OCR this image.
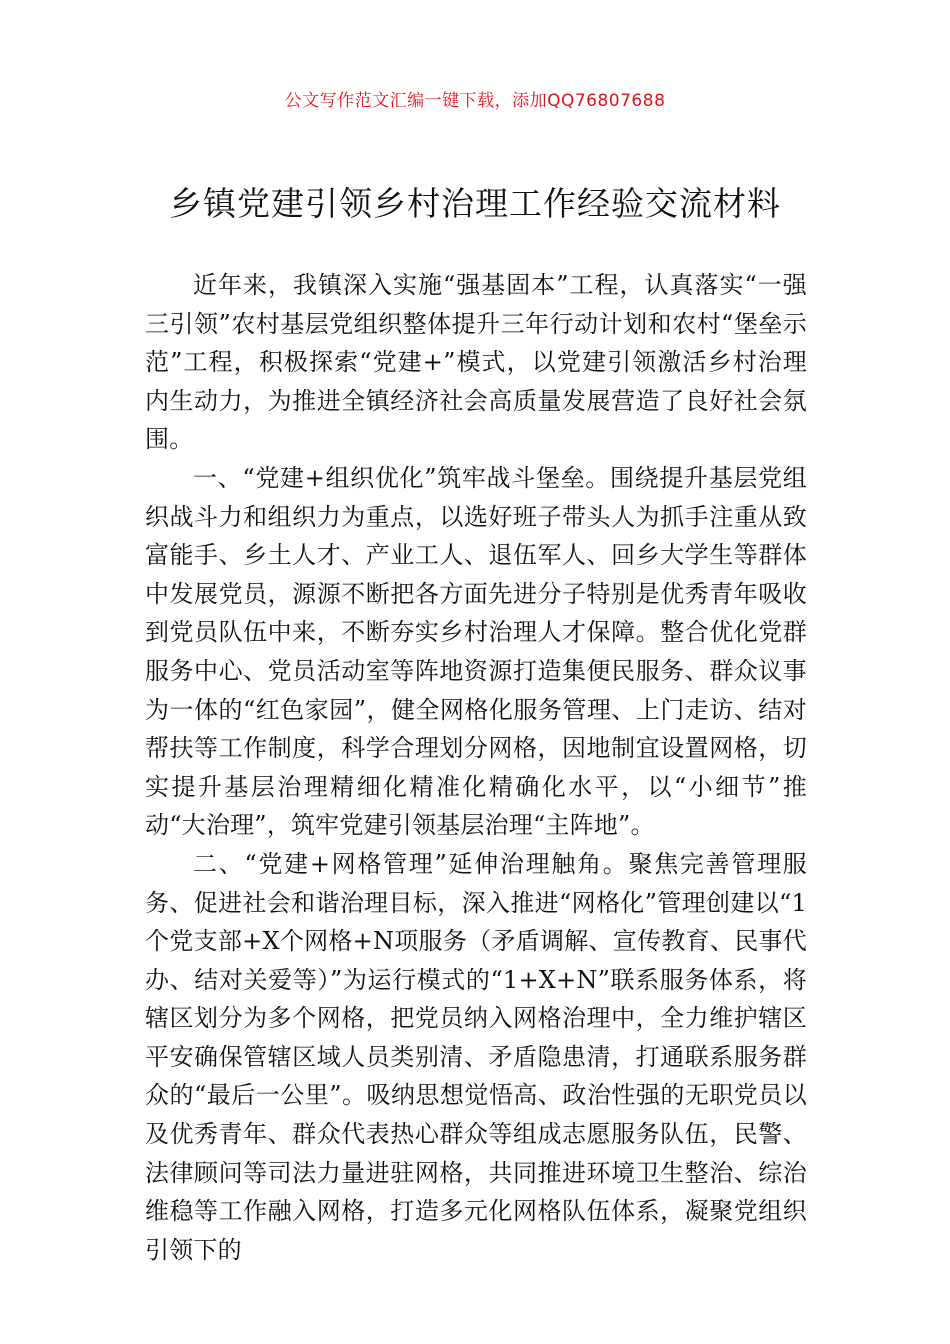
公文写作范文汇编一键下载，添加QQ76807688
乡镇党建引领乡村治理工作经验交流材料

近年来，我镇深入实施“强基固本”工程，认真落实“一强三引领”农村基层党组织整体提升三年行动计划和农村“堡垒示范”工程，积极探索“党建+”模式，以党建引领激活乡村治理内生动力，为推进全镇经济社会高质量发展营造了良好社会氛围。

一、“党建+组织优化”筑牢战斗堡垒。围绕提升基层党组织战斗力和组织力为重点，以选好班子带头人为抓手注重从致富能手、乡土人才、产业工人、退伍军人、回乡大学生等群体中发展党员，源源不断把各方面先进分子特别是优秀青年吸收到党员队伍中来，不断夯实乡村治理人才保障。整合优化党群服务中心、党员活动室等阵地资源打造集便民服务、群众议事为一体的“红色家园”，健全网格化服务管理、上门走访、结对帮扶等工作制度，科学合理划分网格，因地制宜设置网格，切实提升基层治理精细化精准化精确化水平，以“小细节”推动“大治理”，筑牢党建引领基层治理“主阵地”。

二、“党建+网格管理”延伸治理触角。聚焦完善管理服务、促进社会和谐治理目标，深入推进“网格化”管理创建以“1个党支部+X个网格+N项服务（矛盾调解、宣传教育、民事代办、结对关爱等）”为运行模式的“1+X+N”联系服务体系，将辖区划分为多个网格，把党员纳入网格治理中，全力维护辖区平安确保管辖区域人员类别清、矛盾隐患清，打通联系服务群众的“最后一公里”。吸纳思想觉悟高、政治性强的无职党员以及优秀青年、群众代表热心群众等组成志愿服务队伍，民警、法律顾问等司法力量进驻网格，共同推进环境卫生整治、综治维稳等工作融入网格，打造多元化网格队伍体系，凝聚党组织引领下的
